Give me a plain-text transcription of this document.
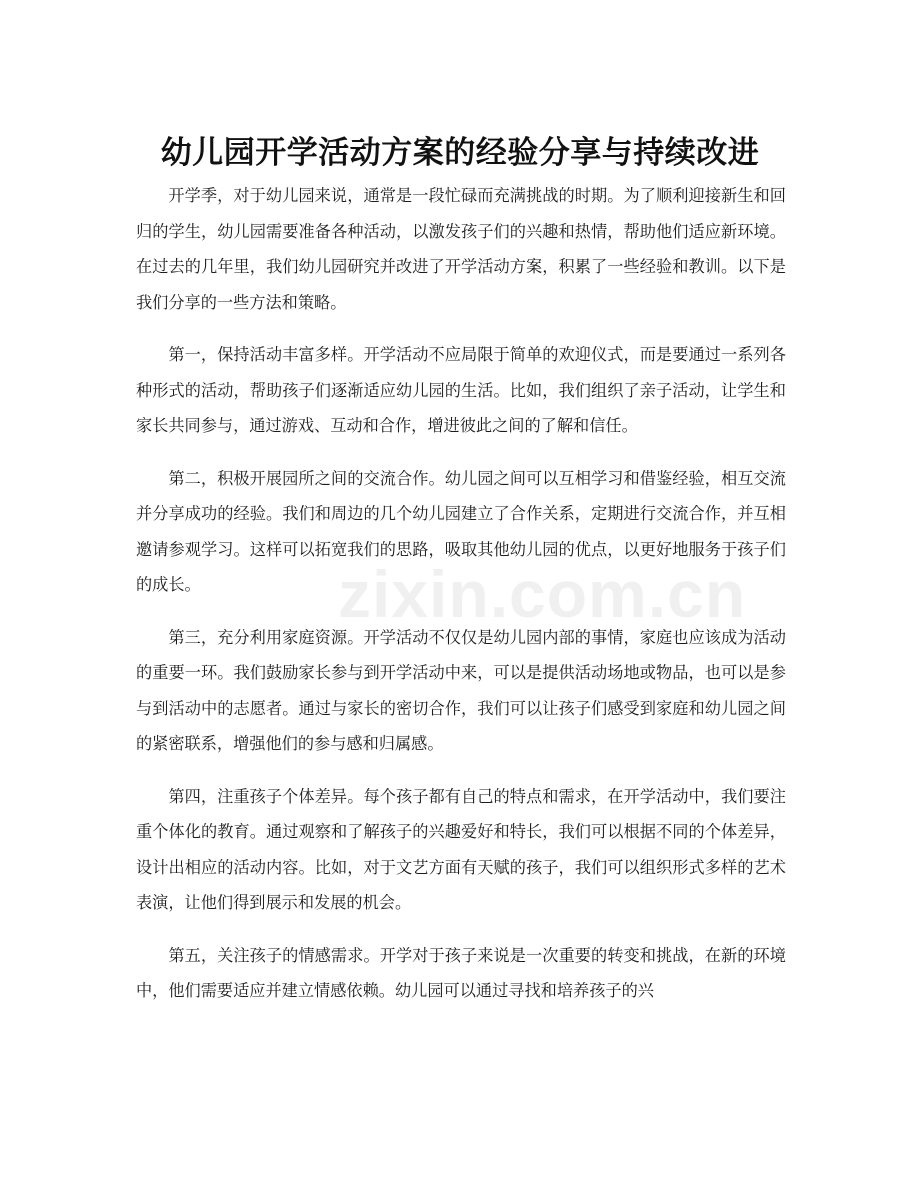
幼儿园开学活动方案的经验分享与持续改进

开学季，对于幼儿园来说，通常是一段忙碌而充满挑战的时期。为了顺利迎接新生和回归的学生，幼儿园需要准备各种活动，以激发孩子们的兴趣和热情，帮助他们适应新环境。在过去的几年里，我们幼儿园研究并改进了开学活动方案，积累了一些经验和教训。以下是我们分享的一些方法和策略。

第一，保持活动丰富多样。开学活动不应局限于简单的欢迎仪式，而是要通过一系列各种形式的活动，帮助孩子们逐渐适应幼儿园的生活。比如，我们组织了亲子活动，让学生和家长共同参与，通过游戏、互动和合作，增进彼此之间的了解和信任。

第二，积极开展园所之间的交流合作。幼儿园之间可以互相学习和借鉴经验，相互交流并分享成功的经验。我们和周边的几个幼儿园建立了合作关系，定期进行交流合作，并互相邀请参观学习。这样可以拓宽我们的思路，吸取其他幼儿园的优点，以更好地服务于孩子们的成长。

第三，充分利用家庭资源。开学活动不仅仅是幼儿园内部的事情，家庭也应该成为活动的重要一环。我们鼓励家长参与到开学活动中来，可以是提供活动场地或物品，也可以是参与到活动中的志愿者。通过与家长的密切合作，我们可以让孩子们感受到家庭和幼儿园之间的紧密联系，增强他们的参与感和归属感。

第四，注重孩子个体差异。每个孩子都有自己的特点和需求，在开学活动中，我们要注重个体化的教育。通过观察和了解孩子的兴趣爱好和特长，我们可以根据不同的个体差异，设计出相应的活动内容。比如，对于文艺方面有天赋的孩子，我们可以组织形式多样的艺术表演，让他们得到展示和发展的机会。

第五，关注孩子的情感需求。开学对于孩子来说是一次重要的转变和挑战，在新的环境中，他们需要适应并建立情感依赖。幼儿园可以通过寻找和培养孩子的兴

zixin.com.cn
